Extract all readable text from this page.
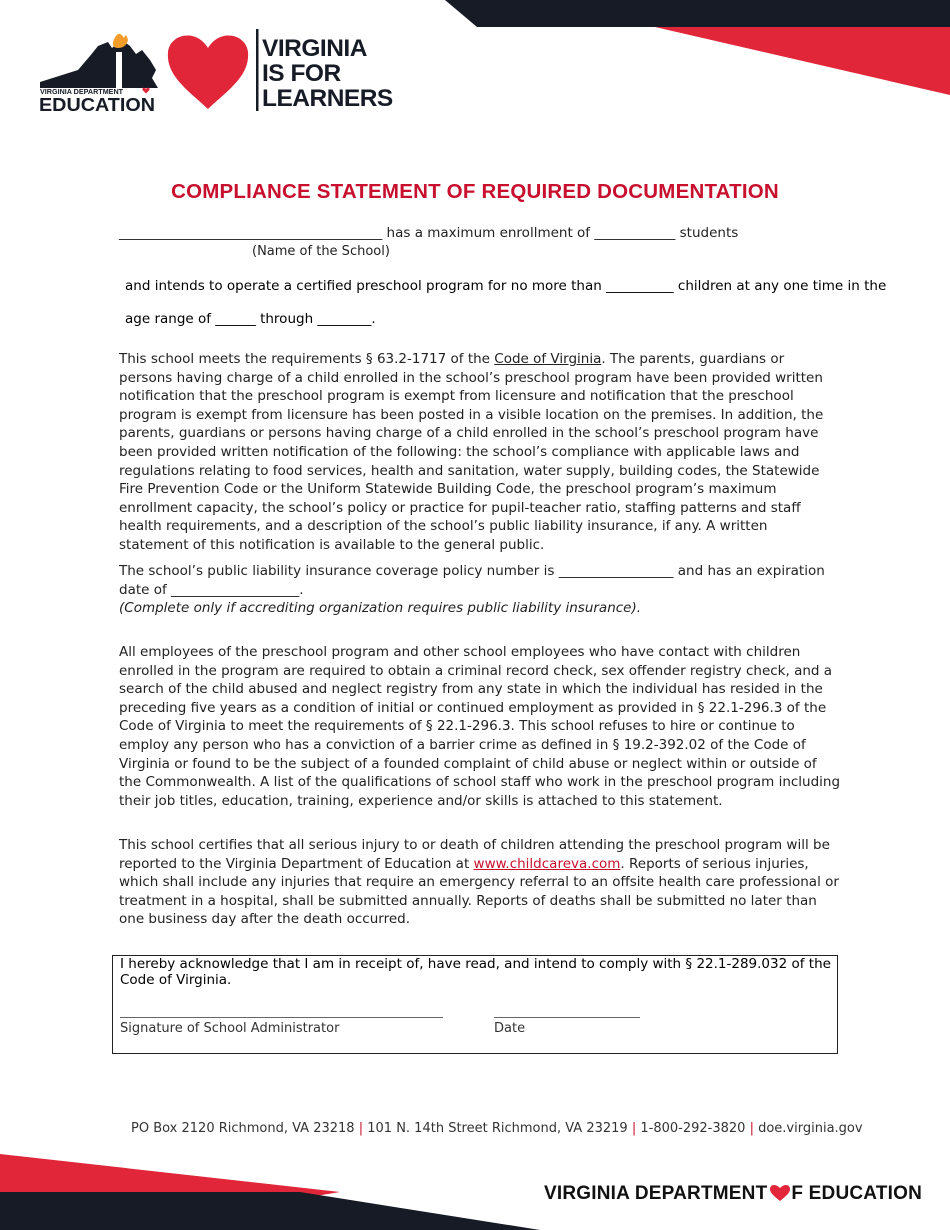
VIRGINIA DEPARTMENT
EDUCATION
VIRGINIA
IS FOR
LEARNERS
COMPLIANCE STATEMENT OF REQUIRED DOCUMENTATION
_______________________________________ has a maximum enrollment of ____________ students
(Name of the School)
and intends to operate a certified preschool program for no more than __________ children at any one time in the
age range of ______ through ________.

This school meets the requirements § 63.2-1717 of the Code of Virginia. The parents, guardians or persons having charge of a child enrolled in the school’s preschool program have been provided written notification that the preschool program is exempt from licensure and notification that the preschool program is exempt from licensure has been posted in a visible location on the premises. In addition, the parents, guardians or persons having charge of a child enrolled in the school’s preschool program have been provided written notification of the following: the school’s compliance with applicable laws and regulations relating to food services, health and sanitation, water supply, building codes, the Statewide Fire Prevention Code or the Uniform Statewide Building Code, the preschool program’s maximum enrollment capacity, the school’s policy or practice for pupil-teacher ratio, staffing patterns and staff health requirements, and a description of the school’s public liability insurance, if any. A written statement of this notification is available to the general public.

The school’s public liability insurance coverage policy number is _________________ and has an expiration

date of ___________________.

(Complete only if accrediting organization requires public liability insurance).

All employees of the preschool program and other school employees who have contact with children enrolled in the program are required to obtain a criminal record check, sex offender registry check, and a search of the child abused and neglect registry from any state in which the individual has resided in the preceding five years as a condition of initial or continued employment as provided in § 22.1-296.3 of the Code of Virginia to meet the requirements of § 22.1-296.3. This school refuses to hire or continue to employ any person who has a conviction of a barrier crime as defined in § 19.2-392.02 of the Code of Virginia or found to be the subject of a founded complaint of child abuse or neglect within or outside of the Commonwealth. A list of the qualifications of school staff who work in the preschool program including their job titles, education, training, experience and/or skills is attached to this statement.

This school certifies that all serious injury to or death of children attending the preschool program will be reported to the Virginia Department of Education at www.childcareva.com. Reports of serious injuries, which shall include any injuries that require an emergency referral to an offsite health care professional or treatment in a hospital, shall be submitted annually. Reports of deaths shall be submitted no later than one business day after the death occurred.

I hereby acknowledge that I am in receipt of, have read, and intend to comply with § 22.1-289.032 of the Code of Virginia.
Signature of School Administrator	Date
PO Box 2120 Richmond, VA 23218 | 101 N. 14th Street Richmond, VA 23219 | 1-800-292-3820 | doe.virginia.gov
VIRGINIA DEPARTMENT F EDUCATION
